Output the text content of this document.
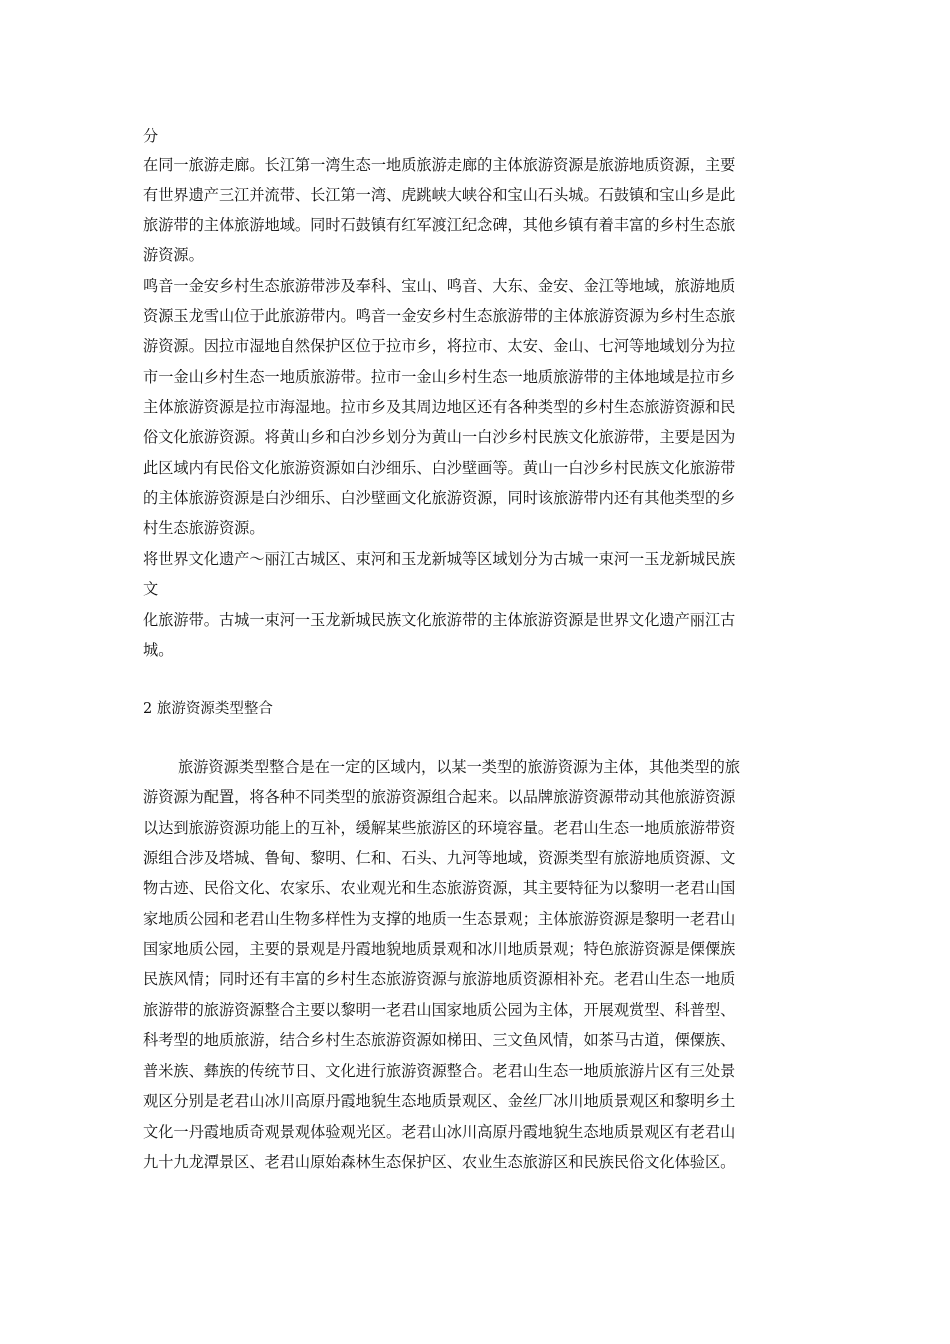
分
在同一旅游走廊。长江第一湾生态一地质旅游走廊的主体旅游资源是旅游地质资源，主要
有世界遗产三江并流带、长江第一湾、虎跳峡大峡谷和宝山石头城。石鼓镇和宝山乡是此
旅游带的主体旅游地域。同时石鼓镇有红军渡江纪念碑，其他乡镇有着丰富的乡村生态旅
游资源。
鸣音一金安乡村生态旅游带涉及奉科、宝山、鸣音、大东、金安、金江等地域，旅游地质
资源玉龙雪山位于此旅游带内。鸣音一金安乡村生态旅游带的主体旅游资源为乡村生态旅
游资源。因拉市湿地自然保护区位于拉市乡，将拉市、太安、金山、七河等地域划分为拉
市一金山乡村生态一地质旅游带。拉市一金山乡村生态一地质旅游带的主体地域是拉市乡
主体旅游资源是拉市海湿地。拉市乡及其周边地区还有各种类型的乡村生态旅游资源和民
俗文化旅游资源。将黄山乡和白沙乡划分为黄山一白沙乡村民族文化旅游带，主要是因为
此区域内有民俗文化旅游资源如白沙细乐、白沙壁画等。黄山一白沙乡村民族文化旅游带
的主体旅游资源是白沙细乐、白沙壁画文化旅游资源，同时该旅游带内还有其他类型的乡
村生态旅游资源。
将世界文化遗产～丽江古城区、束河和玉龙新城等区域划分为古城一束河一玉龙新城民族
文
化旅游带。古城一束河一玉龙新城民族文化旅游带的主体旅游资源是世界文化遗产丽江古
城。
2 旅游资源类型整合
旅游资源类型整合是在一定的区域内，以某一类型的旅游资源为主体，其他类型的旅
游资源为配置，将各种不同类型的旅游资源组合起来。以品牌旅游资源带动其他旅游资源
以达到旅游资源功能上的互补，缓解某些旅游区的环境容量。老君山生态一地质旅游带资
源组合涉及塔城、鲁甸、黎明、仁和、石头、九河等地域，资源类型有旅游地质资源、文
物古迹、民俗文化、农家乐、农业观光和生态旅游资源，其主要特征为以黎明一老君山国
家地质公园和老君山生物多样性为支撑的地质一生态景观；主体旅游资源是黎明一老君山
国家地质公园，主要的景观是丹霞地貌地质景观和冰川地质景观；特色旅游资源是傈僳族
民族风情；同时还有丰富的乡村生态旅游资源与旅游地质资源相补充。老君山生态一地质
旅游带的旅游资源整合主要以黎明一老君山国家地质公园为主体，开展观赏型、科普型、
科考型的地质旅游，结合乡村生态旅游资源如梯田、三文鱼风情，如茶马古道，傈僳族、
普米族、彝族的传统节日、文化进行旅游资源整合。老君山生态一地质旅游片区有三处景
观区分别是老君山冰川高原丹霞地貌生态地质景观区、金丝厂冰川地质景观区和黎明乡土
文化一丹霞地质奇观景观体验观光区。老君山冰川高原丹霞地貌生态地质景观区有老君山
九十九龙潭景区、老君山原始森林生态保护区、农业生态旅游区和民族民俗文化体验区。
